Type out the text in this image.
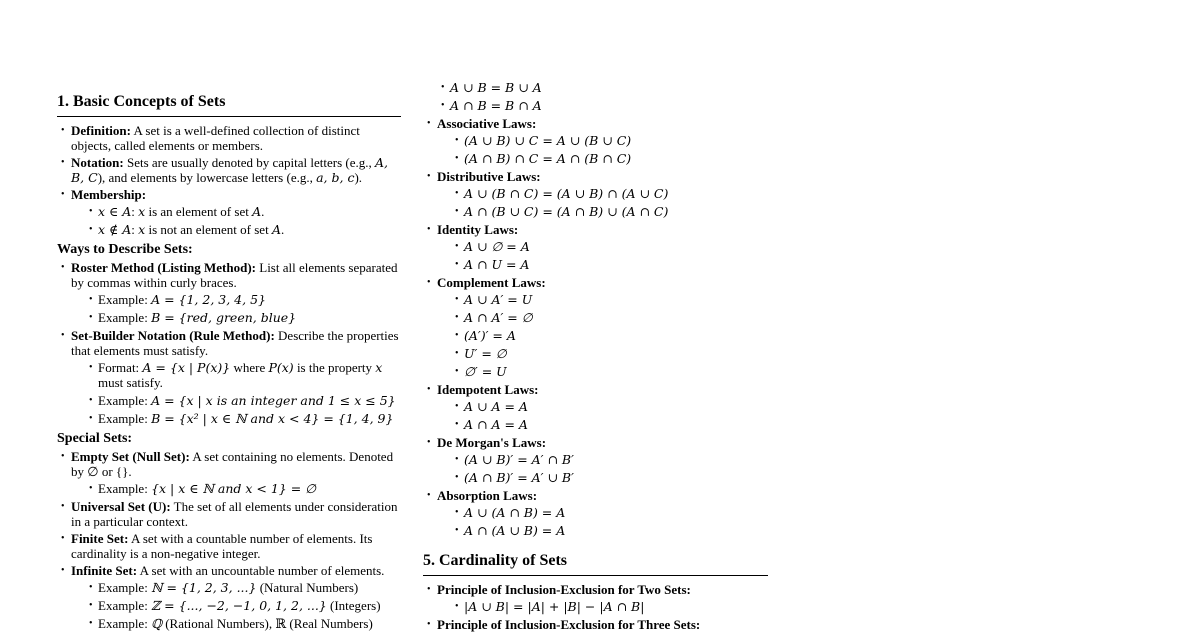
1. Basic Concepts of Sets
• Definition: A set is a well-defined collection of distinct objects, called elements or members.
• Notation: Sets are usually denoted by capital letters (e.g., A, B, C), and elements by lowercase letters (e.g., a, b, c).
• Membership:
• x ∈ A: x is an element of set A.
• x ∉ A: x is not an element of set A.
Ways to Describe Sets:
• Roster Method (Listing Method): List all elements separated by commas within curly braces.
• Example: A = {1, 2, 3, 4, 5}
• Example: B = {red, green, blue}
• Set-Builder Notation (Rule Method): Describe the properties that elements must satisfy.
• Format: A = {x | P(x)} where P(x) is the property x must satisfy.
• Example: A = {x | x is an integer and 1 ≤ x ≤ 5}
• Example: B = {x² | x ∈ ℕ and x < 4} = {1, 4, 9}
Special Sets:
• Empty Set (Null Set): A set containing no elements. Denoted by ∅ or {}.
• Example: {x | x ∈ ℕ and x < 1} = ∅
• Universal Set (U): The set of all elements under consideration in a particular context.
• Finite Set: A set with a countable number of elements. Its cardinality is a non-negative integer.
• Infinite Set: A set with an uncountable number of elements.
• Example: ℕ = {1, 2, 3, ...} (Natural Numbers)
• Example: ℤ = {..., −2, −1, 0, 1, 2, ...} (Integers)
• Example: ℚ (Rational Numbers), ℝ (Real Numbers)
• A ∪ B = B ∪ A
• A ∩ B = B ∩ A
• Associative Laws:
• (A ∪ B) ∪ C = A ∪ (B ∪ C)
• (A ∩ B) ∩ C = A ∩ (B ∩ C)
• Distributive Laws:
• A ∪ (B ∩ C) = (A ∪ B) ∩ (A ∪ C)
• A ∩ (B ∪ C) = (A ∩ B) ∪ (A ∩ C)
• Identity Laws:
• A ∪ ∅ = A
• A ∩ U = A
• Complement Laws:
• A ∪ A′ = U
• A ∩ A′ = ∅
• (A′)′ = A
• U′ = ∅
• ∅′ = U
• Idempotent Laws:
• A ∪ A = A
• A ∩ A = A
• De Morgan's Laws:
• (A ∪ B)′ = A′ ∩ B′
• (A ∩ B)′ = A′ ∪ B′
• Absorption Laws:
• A ∪ (A ∩ B) = A
• A ∩ (A ∪ B) = A
5. Cardinality of Sets
• Principle of Inclusion-Exclusion for Two Sets:
• |A ∪ B| = |A| + |B| − |A ∩ B|
• Principle of Inclusion-Exclusion for Three Sets:
